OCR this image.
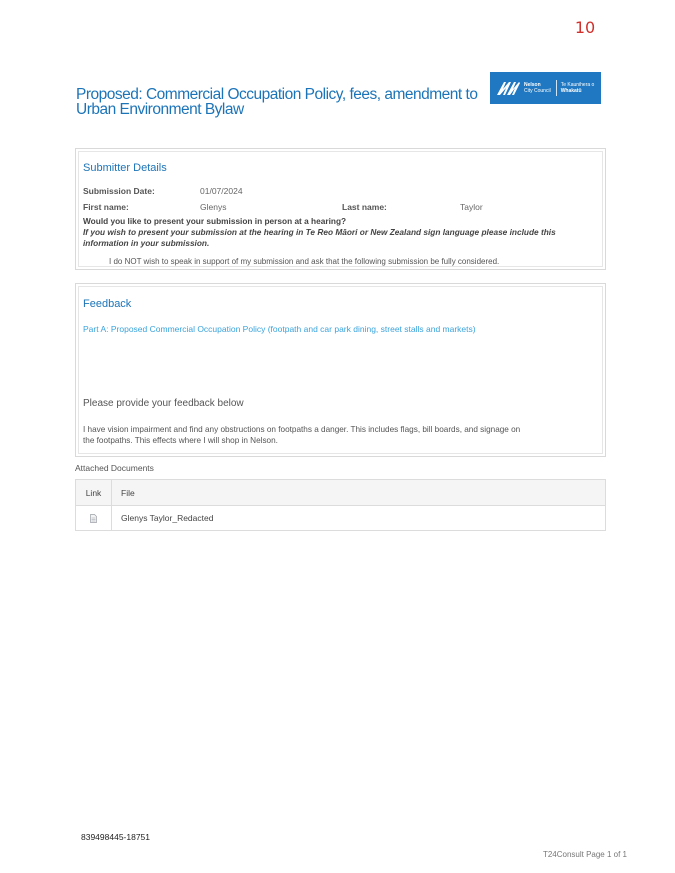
10
Proposed: Commercial Occupation Policy, fees, amendment to Urban Environment Bylaw
Nelson
City Council
Te Kaunihera o
Whakatū
Submitter Details
Submission Date:	01/07/2024
First name:	Glenys	Last name:	Taylor
Would you like to present your submission in person at a hearing?
If you wish to present your submission at the hearing in Te Reo Māori or New Zealand sign language please include this information in your submission.
I do NOT wish to speak in support of my submission and ask that the following submission be fully considered.
Feedback
Part A: Proposed Commercial Occupation Policy (footpath and car park dining, street stalls and markets)
Please provide your feedback below
I have vision impairment and find any obstructions on footpaths a danger. This includes flags, bill boards, and signage on the footpaths. This effects where I will shop in Nelson.
Attached Documents
Link	File
	Glenys Taylor_Redacted
839498445-18751
T24Consult Page 1 of 1
